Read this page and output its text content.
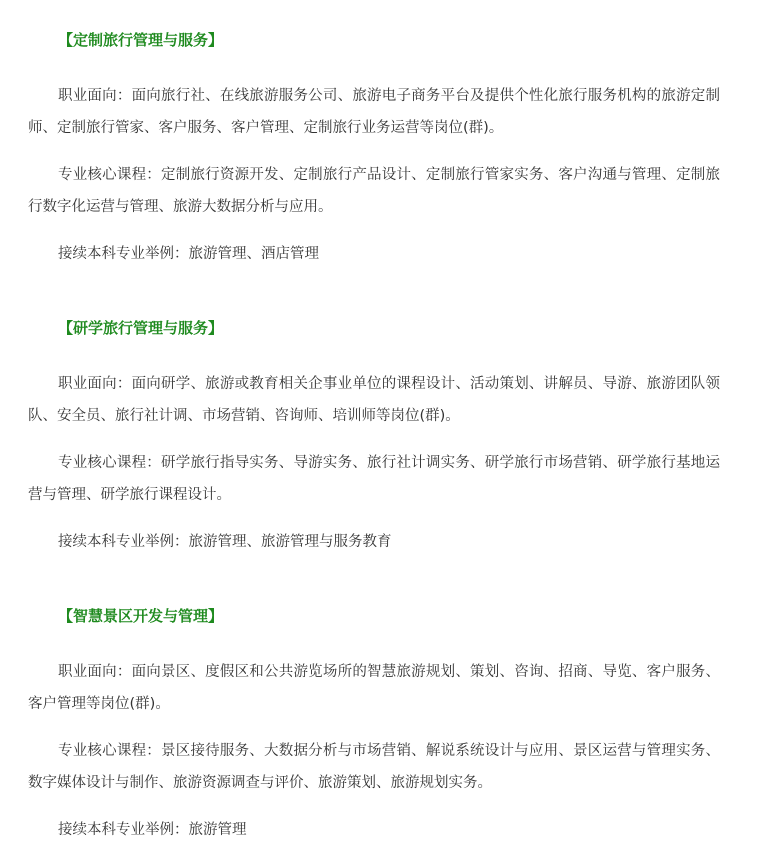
【定制旅行管理与服务】

职业面向：面向旅行社、在线旅游服务公司、旅游电子商务平台及提供个性化旅行服务机构的旅游定制师、定制旅行管家、客户服务、客户管理、定制旅行业务运营等岗位(群)。

专业核心课程：定制旅行资源开发、定制旅行产品设计、定制旅行管家实务、客户沟通与管理、定制旅行数字化运营与管理、旅游大数据分析与应用。

接续本科专业举例：旅游管理、酒店管理

【研学旅行管理与服务】

职业面向：面向研学、旅游或教育相关企事业单位的课程设计、活动策划、讲解员、导游、旅游团队领队、安全员、旅行社计调、市场营销、咨询师、培训师等岗位(群)。

专业核心课程：研学旅行指导实务、导游实务、旅行社计调实务、研学旅行市场营销、研学旅行基地运营与管理、研学旅行课程设计。

接续本科专业举例：旅游管理、旅游管理与服务教育

【智慧景区开发与管理】

职业面向：面向景区、度假区和公共游览场所的智慧旅游规划、策划、咨询、招商、导览、客户服务、客户管理等岗位(群)。

专业核心课程：景区接待服务、大数据分析与市场营销、解说系统设计与应用、景区运营与管理实务、数字媒体设计与制作、旅游资源调查与评价、旅游策划、旅游规划实务。

接续本科专业举例：旅游管理
